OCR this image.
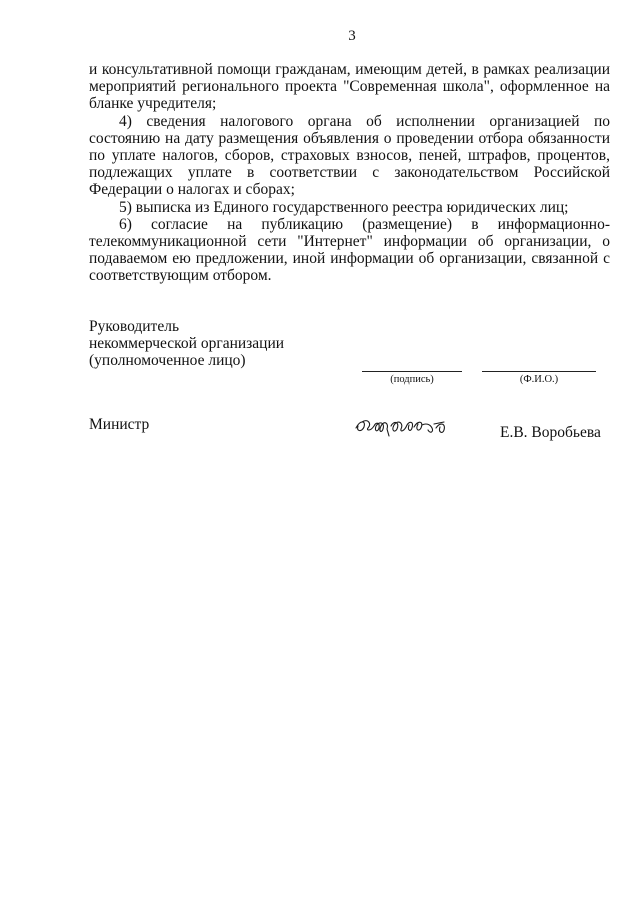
3

и консультативной помощи гражданам, имеющим детей, в рамках реализации мероприятий регионального проекта "Современная школа", оформленное на бланке учредителя;

4) сведения налогового органа об исполнении организацией по состоянию на дату размещения объявления о проведении отбора обязанности по уплате налогов, сборов, страховых взносов, пеней, штрафов, процентов, подлежащих уплате в соответствии с законодательством Российской Федерации о налогах и сборах;

5) выписка из Единого государственного реестра юридических лиц;

6) согласие на публикацию (размещение) в информационно-телекоммуникационной сети "Интернет" информации об организации, о подаваемом ею предложении, иной информации об организации, связанной с соответствующим отбором.

Руководитель
некоммерческой организации
(уполномоченное лицо)
(подпись)	(Ф.И.О.)
Министр	Е.В. Воробьева
